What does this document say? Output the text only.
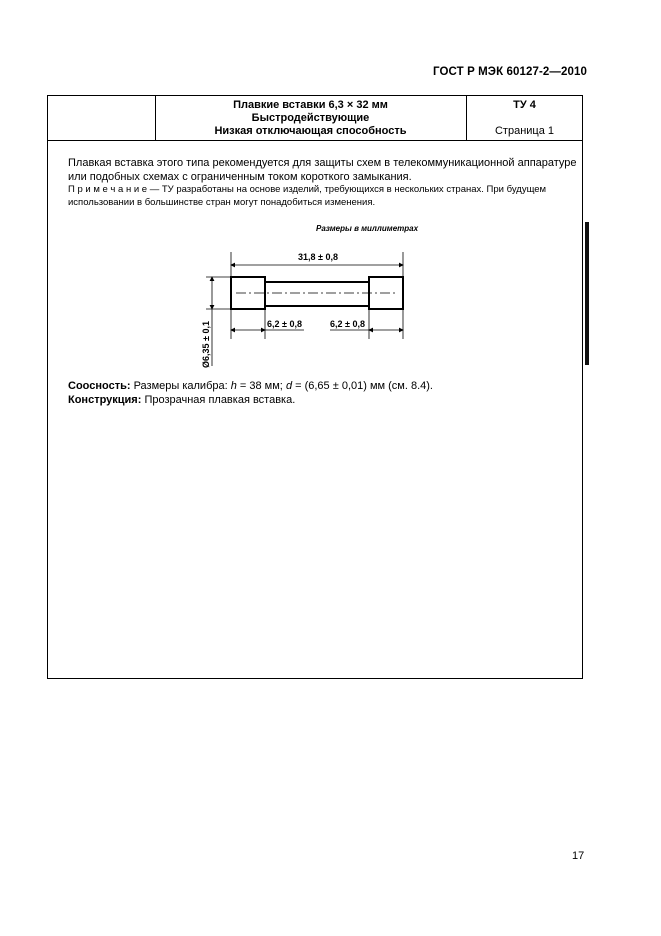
ГОСТ Р МЭК 60127-2—2010
Плавкие вставки 6,3 × 32 мм
Быстродействующие
Низкая отключающая способность
ТУ 4
Страница 1

Плавкая вставка этого типа рекомендуется для защиты схем в телекоммуникационной аппаратуре
или подобных схемах с ограниченным током короткого замыкания.

П р и м е ч а н и е — ТУ разработаны на основе изделий, требующихся в нескольких странах. При будущем
использовании в большинстве стран могут понадобиться изменения.

Размеры в миллиметрах
31,8 ± 0,8
6,2 ± 0,8	6,2 ± 0,8
Ø6,35 ± 0,1

Соосность: Размеры калибра: h = 38 мм; d = (6,65 ± 0,01) мм (см. 8.4).
Конструкция: Прозрачная плавкая вставка.

17
